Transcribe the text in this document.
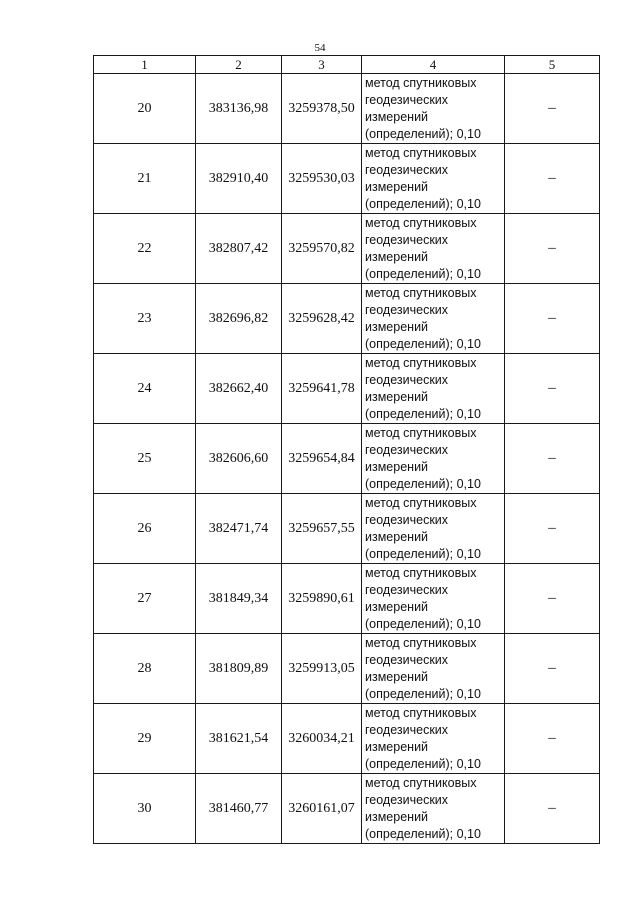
54
1	2	3	4	5
20	383136,98	3259378,50	метод спутниковых
геодезических
измерений
(определений); 0,10	–
21	382910,40	3259530,03	метод спутниковых
геодезических
измерений
(определений); 0,10	–
22	382807,42	3259570,82	метод спутниковых
геодезических
измерений
(определений); 0,10	–
23	382696,82	3259628,42	метод спутниковых
геодезических
измерений
(определений); 0,10	–
24	382662,40	3259641,78	метод спутниковых
геодезических
измерений
(определений); 0,10	–
25	382606,60	3259654,84	метод спутниковых
геодезических
измерений
(определений); 0,10	–
26	382471,74	3259657,55	метод спутниковых
геодезических
измерений
(определений); 0,10	–
27	381849,34	3259890,61	метод спутниковых
геодезических
измерений
(определений); 0,10	–
28	381809,89	3259913,05	метод спутниковых
геодезических
измерений
(определений); 0,10	–
29	381621,54	3260034,21	метод спутниковых
геодезических
измерений
(определений); 0,10	–
30	381460,77	3260161,07	метод спутниковых
геодезических
измерений
(определений); 0,10	–
